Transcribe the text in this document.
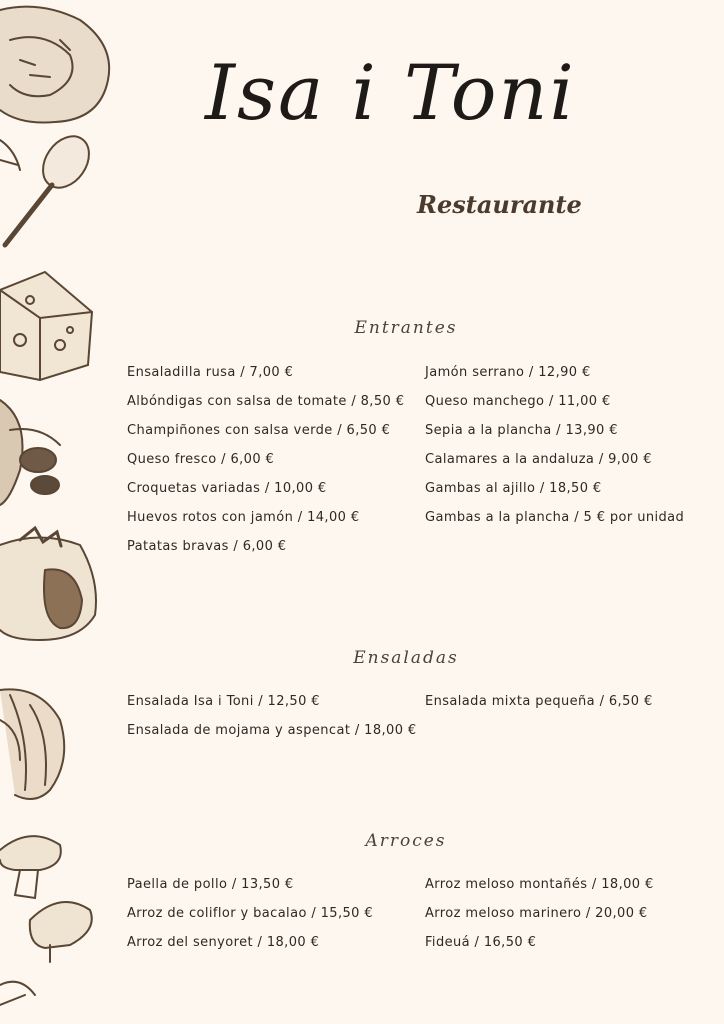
Isa i Toni
Restaurante
Entrantes
Ensaladilla rusa / 7,00 €
Albóndigas con salsa de tomate / 8,50 €
Champiñones con salsa verde / 6,50 €
Queso fresco / 6,00 €
Croquetas variadas / 10,00 €
Huevos rotos con jamón / 14,00 €
Patatas bravas / 6,00 €
Jamón serrano / 12,90 €
Queso manchego / 11,00 €
Sepia a la plancha / 13,90 €
Calamares a la andaluza / 9,00 €
Gambas al ajillo / 18,50 €
Gambas a la plancha / 5 € por unidad
Ensaladas
Ensalada Isa i Toni / 12,50 €
Ensalada de mojama y aspencat / 18,00 €
Ensalada mixta pequeña / 6,50 €
Arroces
Paella de pollo / 13,50 €
Arroz de coliflor y bacalao / 15,50 €
Arroz del senyoret / 18,00 €
Arroz meloso montañés / 18,00 €
Arroz meloso marinero / 20,00 €
Fideuá / 16,50 €
